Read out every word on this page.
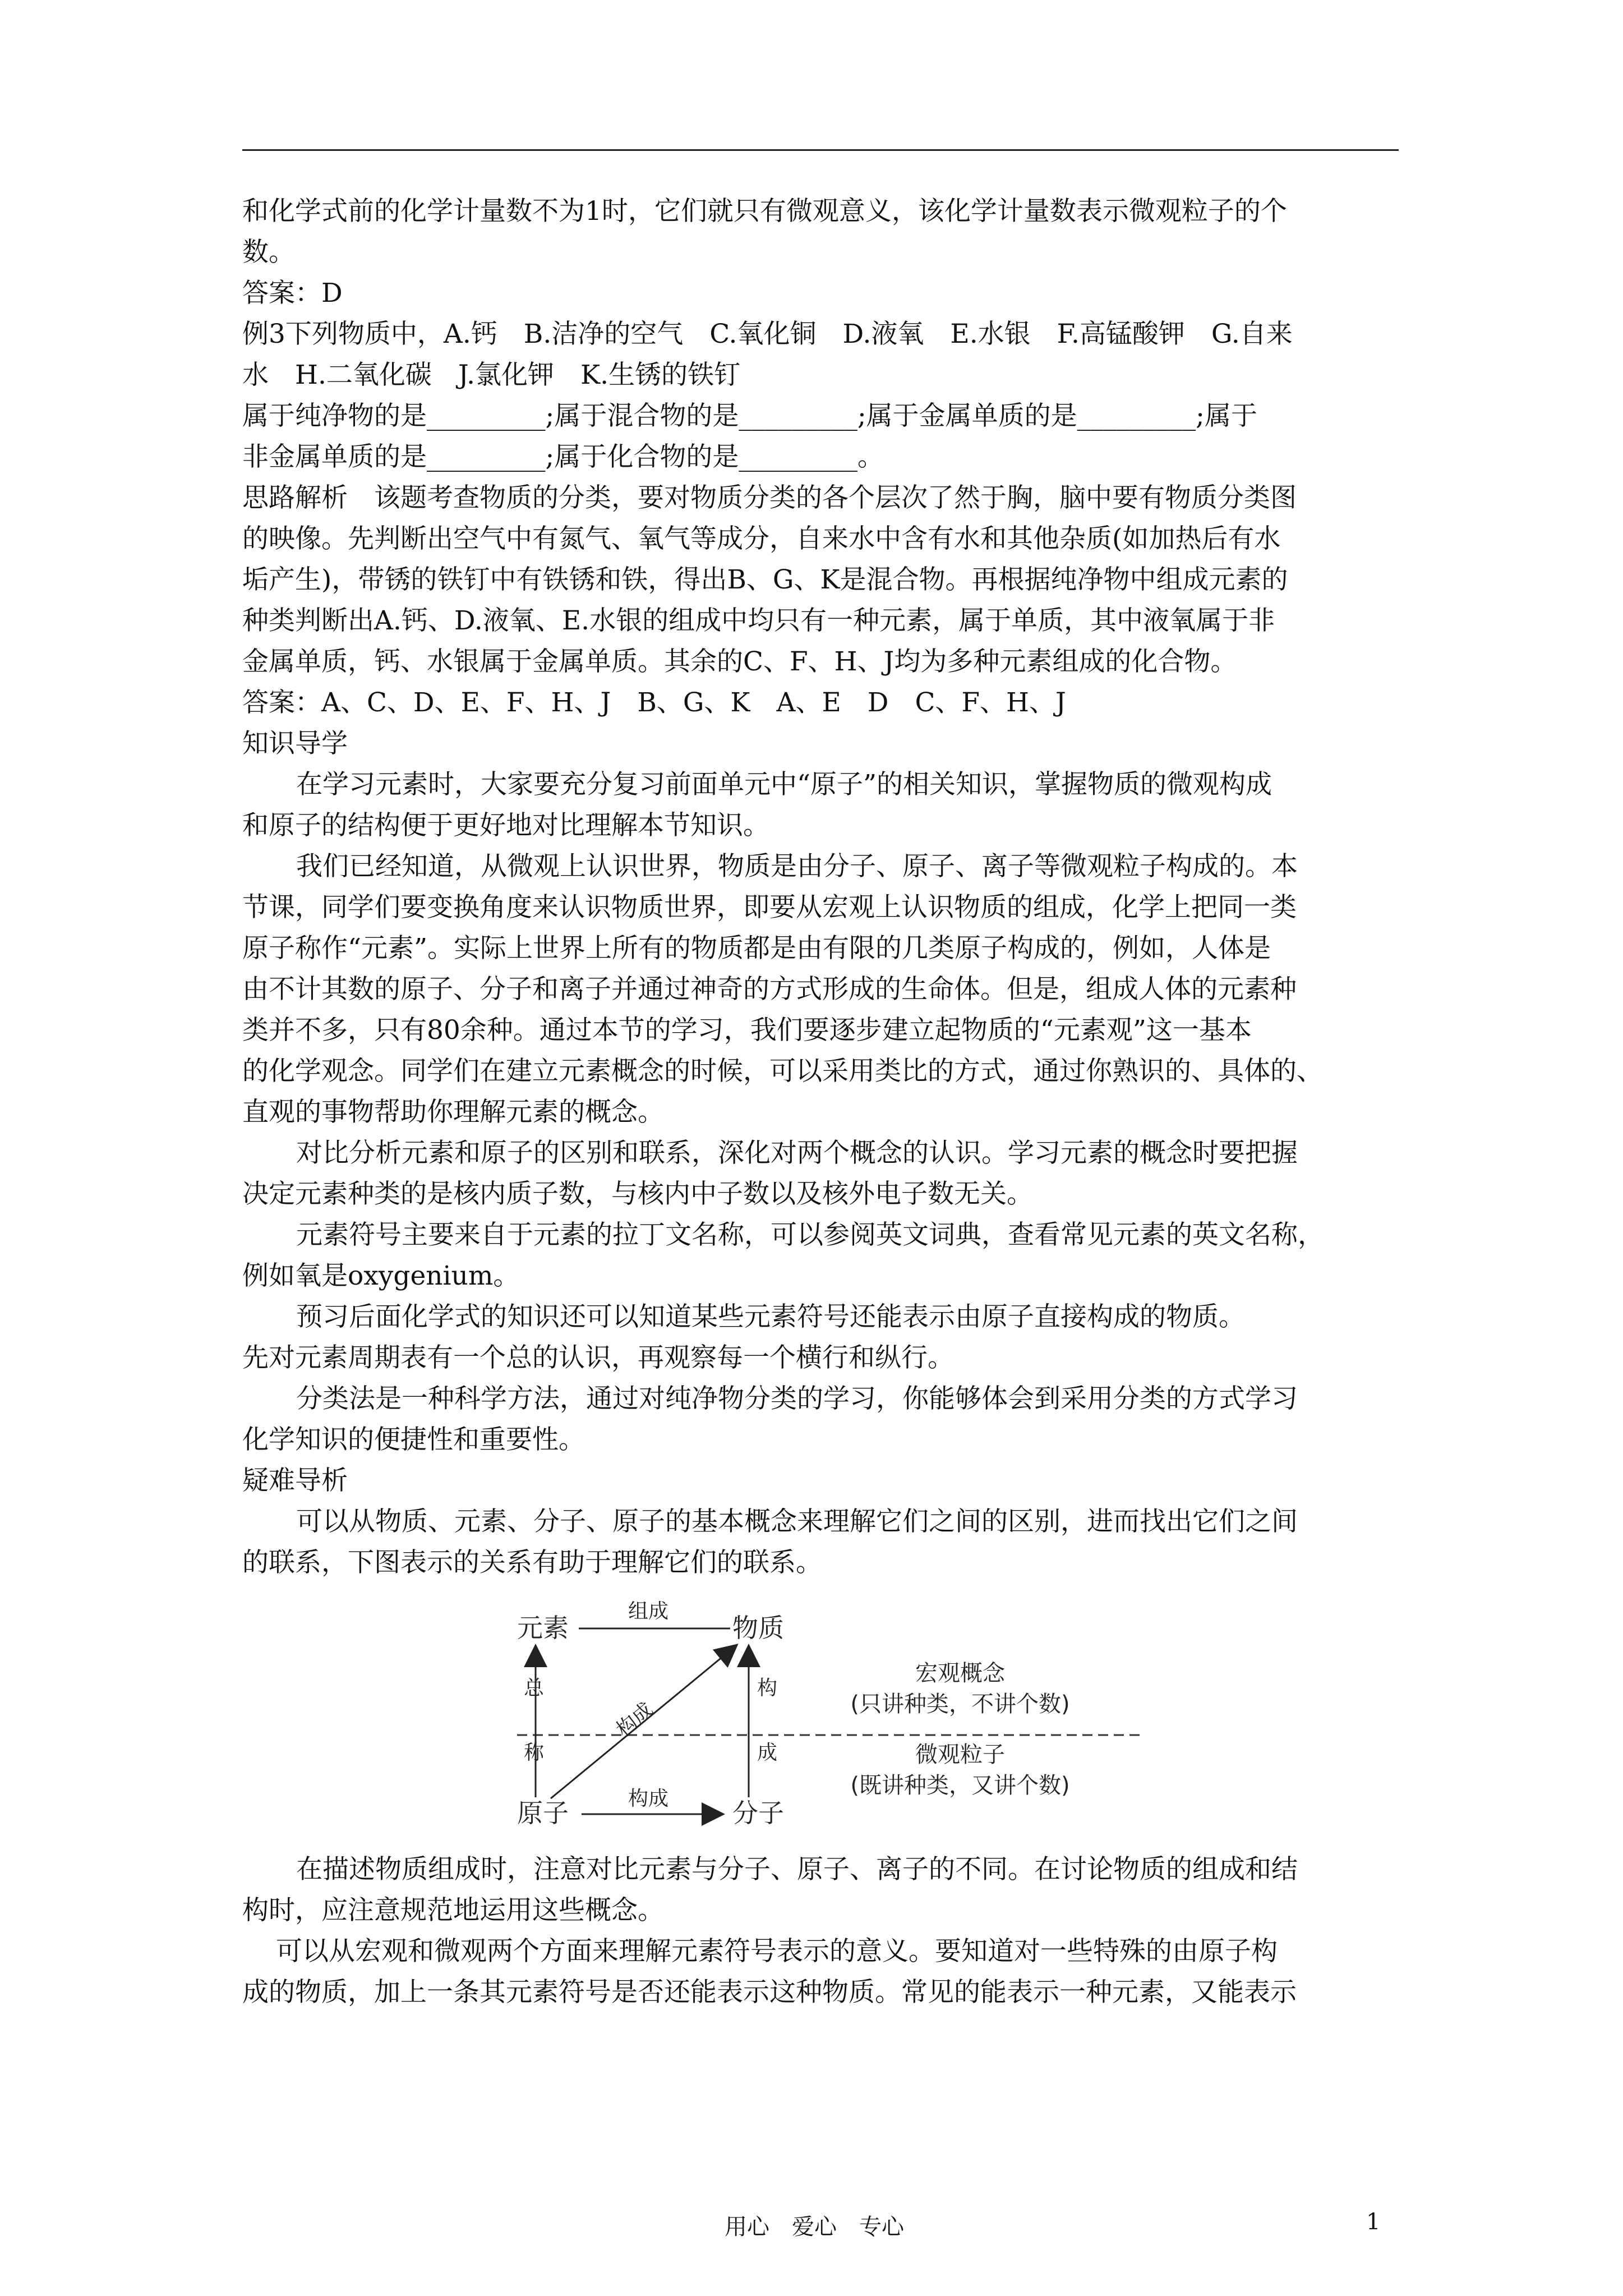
和化学式前的化学计量数不为1时，它们就只有微观意义，该化学计量数表示微观粒子的个
数。
答案：D
例3下列物质中，A.钙　B.洁净的空气　C.氧化铜　D.液氧　E.水银　F.高锰酸钾　G.自来
水　H.二氧化碳　J.氯化钾　K.生锈的铁钉
属于纯净物的是_________;属于混合物的是_________;属于金属单质的是_________;属于
非金属单质的是_________;属于化合物的是_________。
思路解析　该题考查物质的分类，要对物质分类的各个层次了然于胸，脑中要有物质分类图
的映像。先判断出空气中有氮气、氧气等成分，自来水中含有水和其他杂质(如加热后有水
垢产生)，带锈的铁钉中有铁锈和铁，得出B、G、K是混合物。再根据纯净物中组成元素的
种类判断出A.钙、D.液氧、E.水银的组成中均只有一种元素，属于单质，其中液氧属于非
金属单质，钙、水银属于金属单质。其余的C、F、H、J均为多种元素组成的化合物。
答案：A、C、D、E、F、H、J　B、G、K　A、E　D　C、F、H、J
知识导学
在学习元素时，大家要充分复习前面单元中“原子”的相关知识，掌握物质的微观构成
和原子的结构便于更好地对比理解本节知识。
我们已经知道，从微观上认识世界，物质是由分子、原子、离子等微观粒子构成的。本
节课，同学们要变换角度来认识物质世界，即要从宏观上认识物质的组成，化学上把同一类
原子称作“元素”。实际上世界上所有的物质都是由有限的几类原子构成的，例如，人体是
由不计其数的原子、分子和离子并通过神奇的方式形成的生命体。但是，组成人体的元素种
类并不多，只有80余种。通过本节的学习，我们要逐步建立起物质的“元素观”这一基本
的化学观念。同学们在建立元素概念的时候，可以采用类比的方式，通过你熟识的、具体的、
直观的事物帮助你理解元素的概念。
对比分析元素和原子的区别和联系，深化对两个概念的认识。学习元素的概念时要把握
决定元素种类的是核内质子数，与核内中子数以及核外电子数无关。
元素符号主要来自于元素的拉丁文名称，可以参阅英文词典，查看常见元素的英文名称，
例如氧是oxygenium。
预习后面化学式的知识还可以知道某些元素符号还能表示由原子直接构成的物质。
先对元素周期表有一个总的认识，再观察每一个横行和纵行。
分类法是一种科学方法，通过对纯净物分类的学习，你能够体会到采用分类的方式学习
化学知识的便捷性和重要性。
疑难导析
可以从物质、元素、分子、原子的基本概念来理解它们之间的区别，进而找出它们之间
的联系，下图表示的关系有助于理解它们的联系。
元素	物质
原子	分子
组成
构成
构成
总
称
构
成
宏观概念
(只讲种类，不讲个数)
微观粒子
(既讲种类，又讲个数)
在描述物质组成时，注意对比元素与分子、原子、离子的不同。在讨论物质的组成和结
构时，应注意规范地运用这些概念。
可以从宏观和微观两个方面来理解元素符号表示的意义。要知道对一些特殊的由原子构
成的物质，加上一条其元素符号是否还能表示这种物质。常见的能表示一种元素，又能表示
用心　爱心　专心	1
